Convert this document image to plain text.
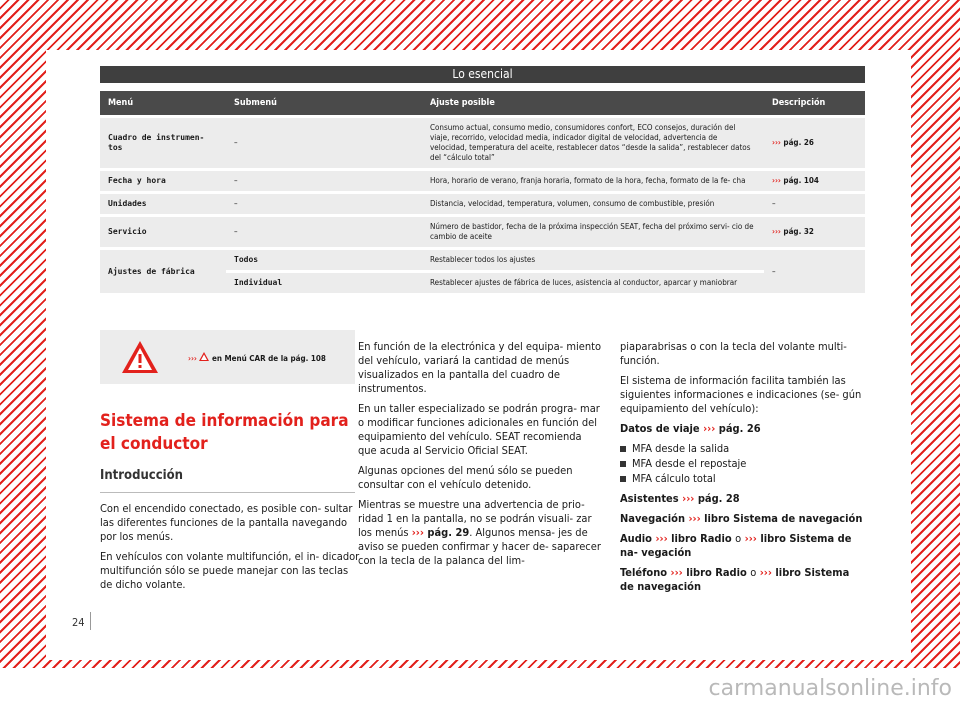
Lo esencial
Menú	Submenú	Ajuste posible	Descripción
Cuadro de instrumen- tos	–	Consumo actual, consumo medio, consumidores confort, ECO consejos, duración del viaje, recorrido, velocidad media, indicador digital de velocidad, advertencia de velocidad, temperatura del aceite, restablecer datos “desde la salida”, restablecer datos del “cálculo total”	››› pág. 26
Fecha y hora	–	Hora, horario de verano, franja horaria, formato de la hora, fecha, formato de la fe- cha	››› pág. 104
Unidades	–	Distancia, velocidad, temperatura, volumen, consumo de combustible, presión	–
Servicio	–	Número de bastidor, fecha de la próxima inspección SEAT, fecha del próximo servi- cio de cambio de aceite	››› pág. 32
Ajustes de fábrica	Todos	Restablecer todos los ajustes	–
	Individual	Restablecer ajustes de fábrica de luces, asistencia al conductor, aparcar y maniobrar	
››› en Menú CAR de la pág. 108
Sistema de información para el conductor
Introducción

Con el encendido conectado, es posible con- sultar las diferentes funciones de la pantalla navegando por los menús.

En vehículos con volante multifunción, el in- dicador multifunción sólo se puede manejar con las teclas de dicho volante.

En función de la electrónica y del equipa- miento del vehículo, variará la cantidad de menús visualizados en la pantalla del cuadro de instrumentos.

En un taller especializado se podrán progra- mar o modificar funciones adicionales en función del equipamiento del vehículo. SEAT recomienda que acuda al Servicio Oficial SEAT.

Algunas opciones del menú sólo se pueden consultar con el vehículo detenido.

Mientras se muestre una advertencia de prio- ridad 1 en la pantalla, no se podrán visuali- zar los menús ››› pág. 29. Algunos mensa- jes de aviso se pueden confirmar y hacer de- saparecer con la tecla de la palanca del lim-

piaparabrisas o con la tecla del volante multi- función.

El sistema de información facilita también las siguientes informaciones e indicaciones (se- gún equipamiento del vehículo):

Datos de viaje ››› pág. 26

MFA desde la salida
MFA desde el repostaje
MFA cálculo total

Asistentes ››› pág. 28

Navegación ››› libro Sistema de navegación

Audio ››› libro Radio o ››› libro Sistema de na- vegación

Teléfono ››› libro Radio o ››› libro Sistema de navegación

24
carmanualsonline.info
